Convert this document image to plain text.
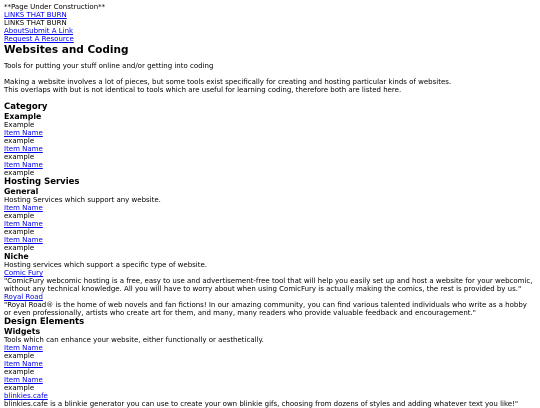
**Page Under Construction**
LINKS THAT BURN
LINKS THAT BURN
AboutSubmit A Link
Request A Resource
Websites and Coding

Tools for putting your stuff online and/or getting into coding

Making a website involves a lot of pieces, but some tools exist specifically for creating and hosting particular kinds of websites.

This overlaps with but is not identical to tools which are useful for learning coding, therefore both are listed here.

Category
Example
Example
Item Name
example
Item Name
example
Item Name
example
Hosting Servies
General
Hosting Services which support any website.
Item Name
example
Item Name
example
Item Name
example
Niche
Hosting services which support a specific type of website.
Comic Fury

"ComicFury webcomic hosting is a free, easy to use and advertisement-free tool that will help you easily set up and host a website for your webcomic, without any technical knowledge. All you will have to worry about when using ComicFury is actually making the comics, the rest is provided by us."

Royal Road

"Royal Road® is the home of web novels and fan fictions! In our amazing community, you can find various talented individuals who write as a hobby or even professionally, artists who create art for them, and many, many readers who provide valuable feedback and encouragement."

Design Elements
Widgets
Tools which can enhance your website, either functionally or aesthetically.
Item Name
example
Item Name
example
Item Name
example
blinkies.cafe
blinkies.cafe is a blinkie generator you can use to create your own blinkie gifs, choosing from dozens of styles and adding whatever text you like!"
